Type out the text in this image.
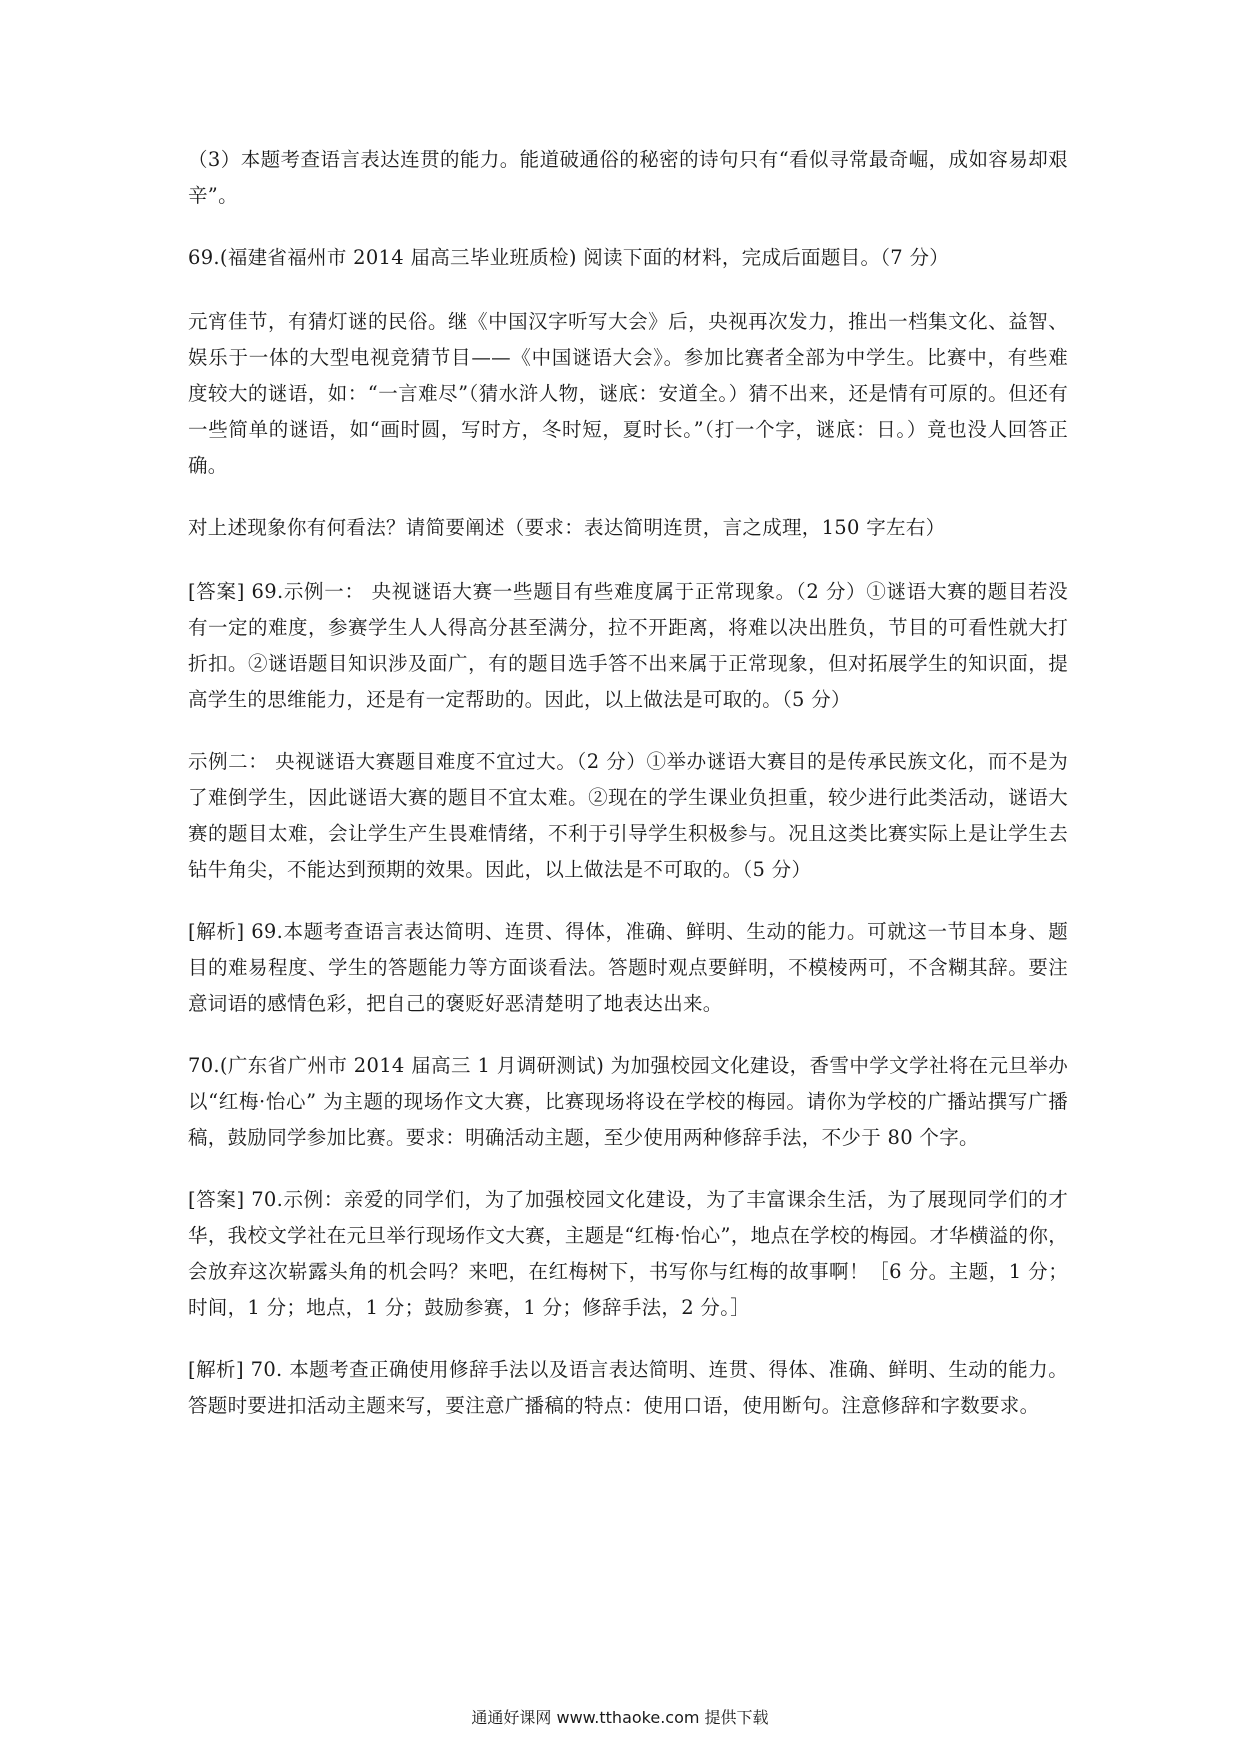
（3）本题考查语言表达连贯的能力。能道破通俗的秘密的诗句只有“看似寻常最奇崛，成如容易却艰辛”。

69.(福建省福州市 2014 届高三毕业班质检) 阅读下面的材料，完成后面题目。（7 分）

元宵佳节，有猜灯谜的民俗。继《中国汉字听写大会》后，央视再次发力，推出一档集文化、益智、娱乐于一体的大型电视竞猜节目——《中国谜语大会》。参加比赛者全部为中学生。比赛中，有些难度较大的谜语，如：“一言难尽”（猜水浒人物，谜底：安道全。）猜不出来，还是情有可原的。但还有一些简单的谜语，如“画时圆，写时方，冬时短，夏时长。”（打一个字，谜底：日。）竟也没人回答正确。

对上述现象你有何看法？请简要阐述（要求：表达简明连贯，言之成理，150 字左右）

[答案] 69.示例一： 央视谜语大赛一些题目有些难度属于正常现象。（2 分）①谜语大赛的题目若没有一定的难度，参赛学生人人得高分甚至满分，拉不开距离，将难以决出胜负，节目的可看性就大打折扣。②谜语题目知识涉及面广，有的题目选手答不出来属于正常现象，但对拓展学生的知识面，提高学生的思维能力，还是有一定帮助的。因此，以上做法是可取的。（5 分）

示例二： 央视谜语大赛题目难度不宜过大。（2 分）①举办谜语大赛目的是传承民族文化，而不是为了难倒学生，因此谜语大赛的题目不宜太难。②现在的学生课业负担重，较少进行此类活动，谜语大赛的题目太难，会让学生产生畏难情绪，不利于引导学生积极参与。况且这类比赛实际上是让学生去钻牛角尖，不能达到预期的效果。因此，以上做法是不可取的。（5 分）

[解析] 69.本题考查语言表达简明、连贯、得体，准确、鲜明、生动的能力。可就这一节目本身、题目的难易程度、学生的答题能力等方面谈看法。答题时观点要鲜明，不模棱两可，不含糊其辞。要注意词语的感情色彩，把自己的褒贬好恶清楚明了地表达出来。

70.(广东省广州市 2014 届高三 1 月调研测试) 为加强校园文化建设，香雪中学文学社将在元旦举办以“红梅·怡心” 为主题的现场作文大赛，比赛现场将设在学校的梅园。请你为学校的广播站撰写广播稿，鼓励同学参加比赛。要求：明确活动主题，至少使用两种修辞手法，不少于 80 个字。

[答案] 70.示例：亲爱的同学们，为了加强校园文化建设，为了丰富课余生活，为了展现同学们的才华，我校文学社在元旦举行现场作文大赛，主题是“红梅·怡心”，地点在学校的梅园。才华横溢的你，会放弃这次崭露头角的机会吗？来吧，在红梅树下，书写你与红梅的故事啊！［6 分。主题，1 分；时间，1 分；地点，1 分；鼓励参赛，1 分；修辞手法，2 分。］

[解析] 70. 本题考查正确使用修辞手法以及语言表达简明、连贯、得体、准确、鲜明、生动的能力。答题时要进扣活动主题来写，要注意广播稿的特点：使用口语，使用断句。注意修辞和字数要求。

通通好课网 www.tthaoke.com 提供下载
